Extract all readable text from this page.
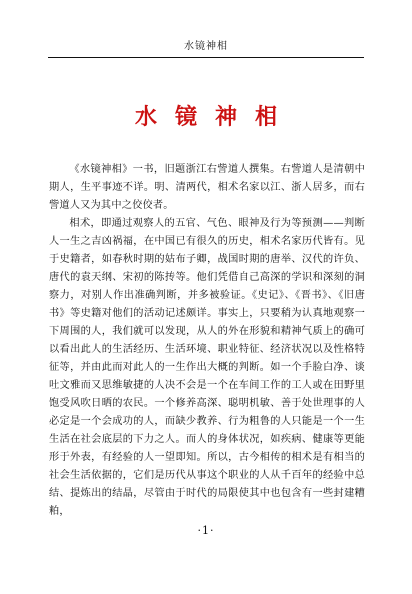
水镜神相
水镜神相

《水镜神相》一书，旧题浙江右訾道人撰集。右訾道人是清朝中期人，生平事迹不详。明、清两代，相术名家以江、浙人居多，而右訾道人又为其中之佼佼者。

相术，即通过观察人的五官、气色、眼神及行为等预测——判断人一生之吉凶祸福，在中国已有很久的历史，相术名家历代皆有。见于史籍者，如春秋时期的姑布子卿，战国时期的唐举、汉代的许负、唐代的袁天纲、宋初的陈抟等。他们凭借自己高深的学识和深刻的洞察力，对别人作出准确判断，并多被验证。《史记》、《晋书》、《旧唐书》等史籍对他们的活动记述颇详。事实上，只要稍为认真地观察一下周围的人，我们就可以发现，从人的外在形貌和精神气质上的确可以看出此人的生活经历、生活环境、职业特征、经济状况以及性格特征等，并由此而对此人的一生作出大概的判断。如一个手脸白净、谈吐文雅而又思维敏捷的人决不会是一个在车间工作的工人或在田野里饱受风吹日晒的农民。一个修养高深、聪明机敏、善于处世理事的人必定是一个会成功的人，而缺少教养、行为粗鲁的人只能是一个一生生活在社会底层的下力之人。而人的身体状况，如疾病、健康等更能形于外表，有经验的人一望即知。所以，古今相传的相术是有相当的社会生活依据的，它们是历代从事这个职业的人从千百年的经验中总结、提炼出的结晶，尽管由于时代的局限使其中也包含有一些封建糟粕，

·1·
